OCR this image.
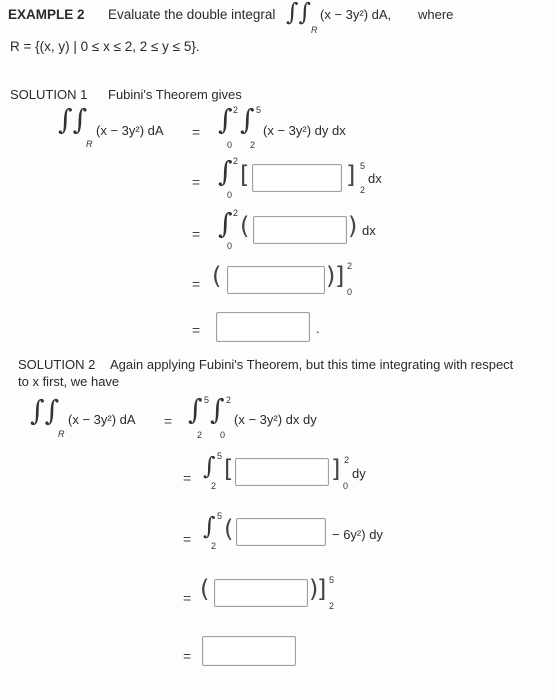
EXAMPLE 2 Evaluate the double integral ∫∫
R
(x − 3y²) dA, where
R = {(x, y) | 0 ≤ x ≤ 2, 2 ≤ y ≤ 5}.
SOLUTION 1 Fubini's Theorem gives
∫∫
R
(x − 3y²) dA = ∫ 2
0
∫ 5
2
(x − 3y²) dy dx
= ∫ 2
0
[	] 5
2
dx
= ∫ 2
0
(	) dx
= (	) ] 2
0
=	.
SOLUTION 2 Again applying Fubini's Theorem, but this time integrating with respect
to x first, we have
∫∫
R
(x − 3y²) dA = ∫ 5
2
∫ 2
0
(x − 3y²) dx dy
= ∫ 5
2
[	] 2
0
dy
= ∫ 5
2
(	− 6y²) dy
= (	)
] 5
2
=
